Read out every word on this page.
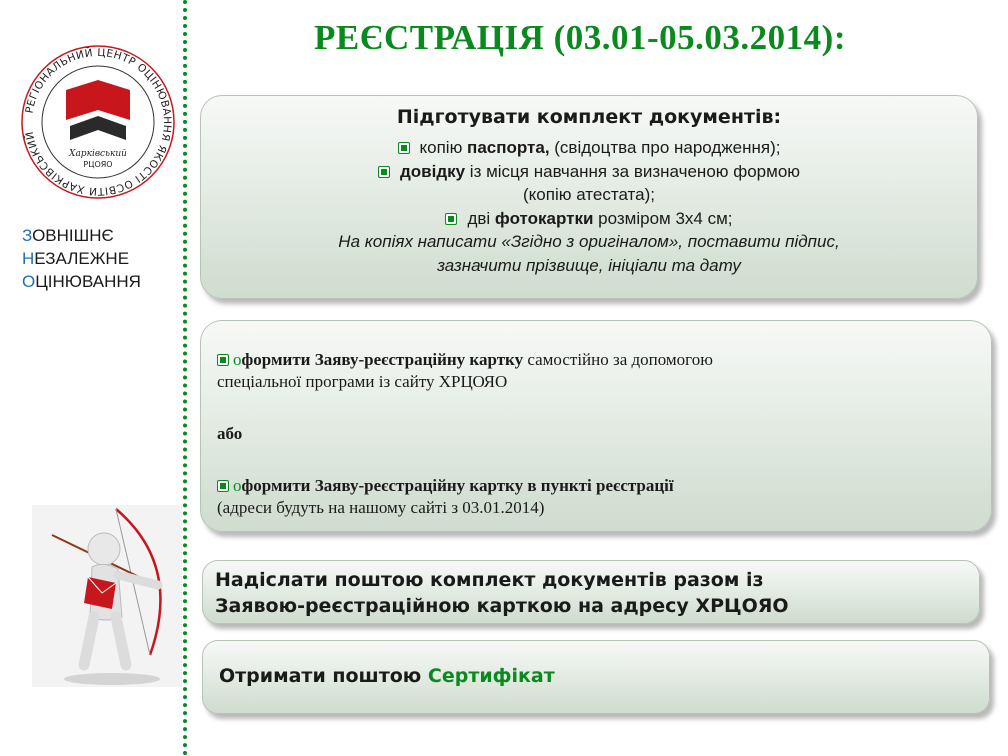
РЕЄСТРАЦІЯ (03.01-05.03.2014):
РЕГІОНАЛЬНИЙ ЦЕНТР ОЦІНЮВАННЯ ЯКОСТІ ОСВІТИ ХАРКІВСЬКИЙ
Харківський
РЦОЯО
ЗОВНІШНЄ
НЕЗАЛЕЖНЕ
ОЦІНЮВАННЯ
Підготувати комплект документів:
копію паспорта, (свідоцтва про народження);
довідку із місця навчання за визначеною формою
(копію атестата);
дві фотокартки розміром 3х4 см;
На копіях написати «Згідно з оригіналом», поставити підпис,
зазначити прізвище, ініціали та дату
оформити Заяву-реєстраційну картку самостійно за допомогою
спеціальної програми із сайту ХРЦОЯО
або
оформити Заяву-реєстраційну картку в пункті реєстрації
(адреси будуть на нашому сайті з 03.01.2014)
Надіслати поштою комплект документів разом із
Заявою-реєстраційною карткою на адресу ХРЦОЯО
Отримати поштою Сертифікат
